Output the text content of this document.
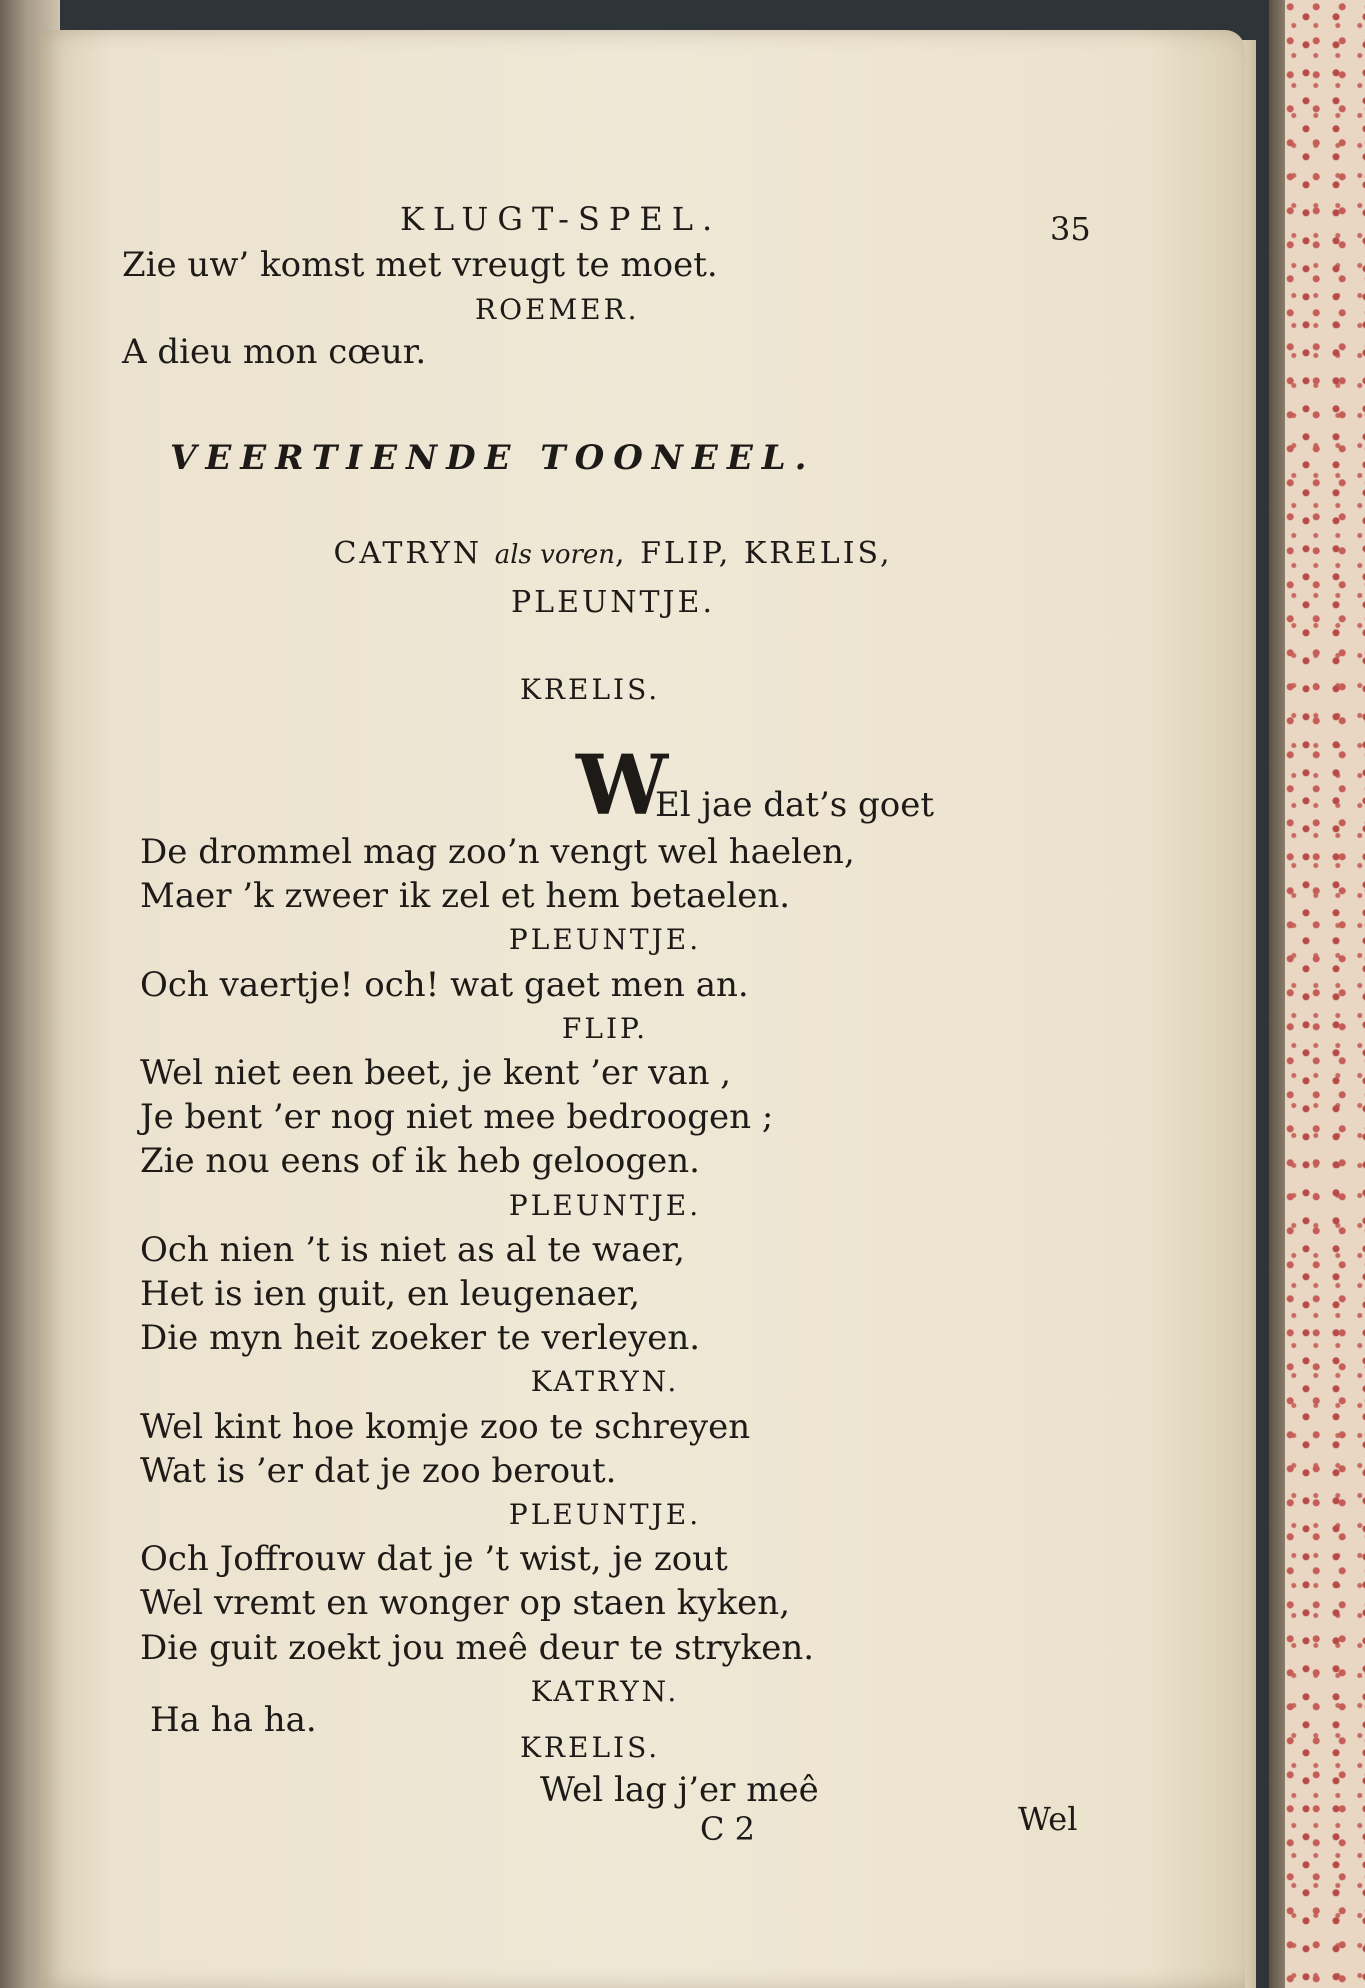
KLUGT-SPEL.	35
Zie uw’ komst met vreugt te moet.
ROEMER.
A dieu mon cœur.
VEERTIENDE TOONEEL.
CATRYN als voren, FLIP, KRELIS,
PLEUNTJE.
KRELIS.
W
El jae dat’s goet
De drommel mag zoo’n vengt wel haelen,
Maer ’k zweer ik zel et hem betaelen.
PLEUNTJE.
Och vaertje! och! wat gaet men an.
FLIP.
Wel niet een beet, je kent ’er van ,
Je bent ’er nog niet mee bedroogen ;
Zie nou eens of ik heb geloogen.
PLEUNTJE.
Och nien ’t is niet as al te waer,
Het is ien guit, en leugenaer,
Die myn heit zoeker te verleyen.
KATRYN.
Wel kint hoe komje zoo te schreyen
Wat is ’er dat je zoo berout.
PLEUNTJE.
Och Joffrouw dat je ’t wist, je zout
Wel vremt en wonger op staen kyken,
Die guit zoekt jou meê deur te stryken.
KATRYN.
Ha ha ha.
KRELIS.
Wel lag j’er meê
C 2	Wel
